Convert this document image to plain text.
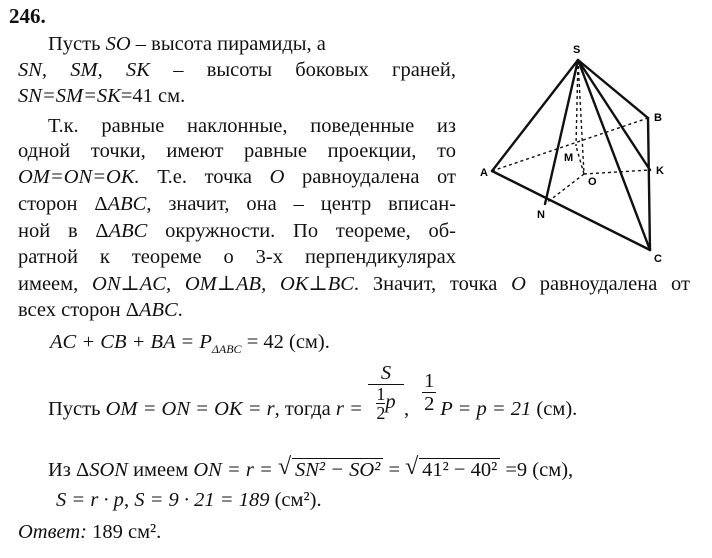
246.
Пусть SO – высота пирамиды, а
SN, SM, SK – высоты боковых граней,
SN=SM=SK=41 см.
Т.к. равные наклонные, поведенные из
одной точки, имеют равные проекции, то
OM=ON=OK. Т.е. точка O равноудалена от
сторон ΔABC, значит, она – центр вписан-
ной в ΔABC окружности. По теореме, об-
ратной к теореме о 3-х перпендикулярах
имеем, ON⊥AC, OM⊥AB, OK⊥BC. Значит, точка O равноудалена от
всех сторон ΔABC.
AC + CB + BA = $P_{\Delta ABC} = 42$ (см).
Пусть OM = ON = OK = r, тогда $r = \frac{S}{\frac{1}{2} p}$ , $\frac{1}{2}$ P = p = 21 (см).
Из ΔSON имеем ON = r = √ SN² − SO² = √ 41² − 40² =9 (см),
S = r · p, S = 9 · 21 = 189 (см²).
Ответ: 189 см².
S
B
M
K
A
O
N
C
